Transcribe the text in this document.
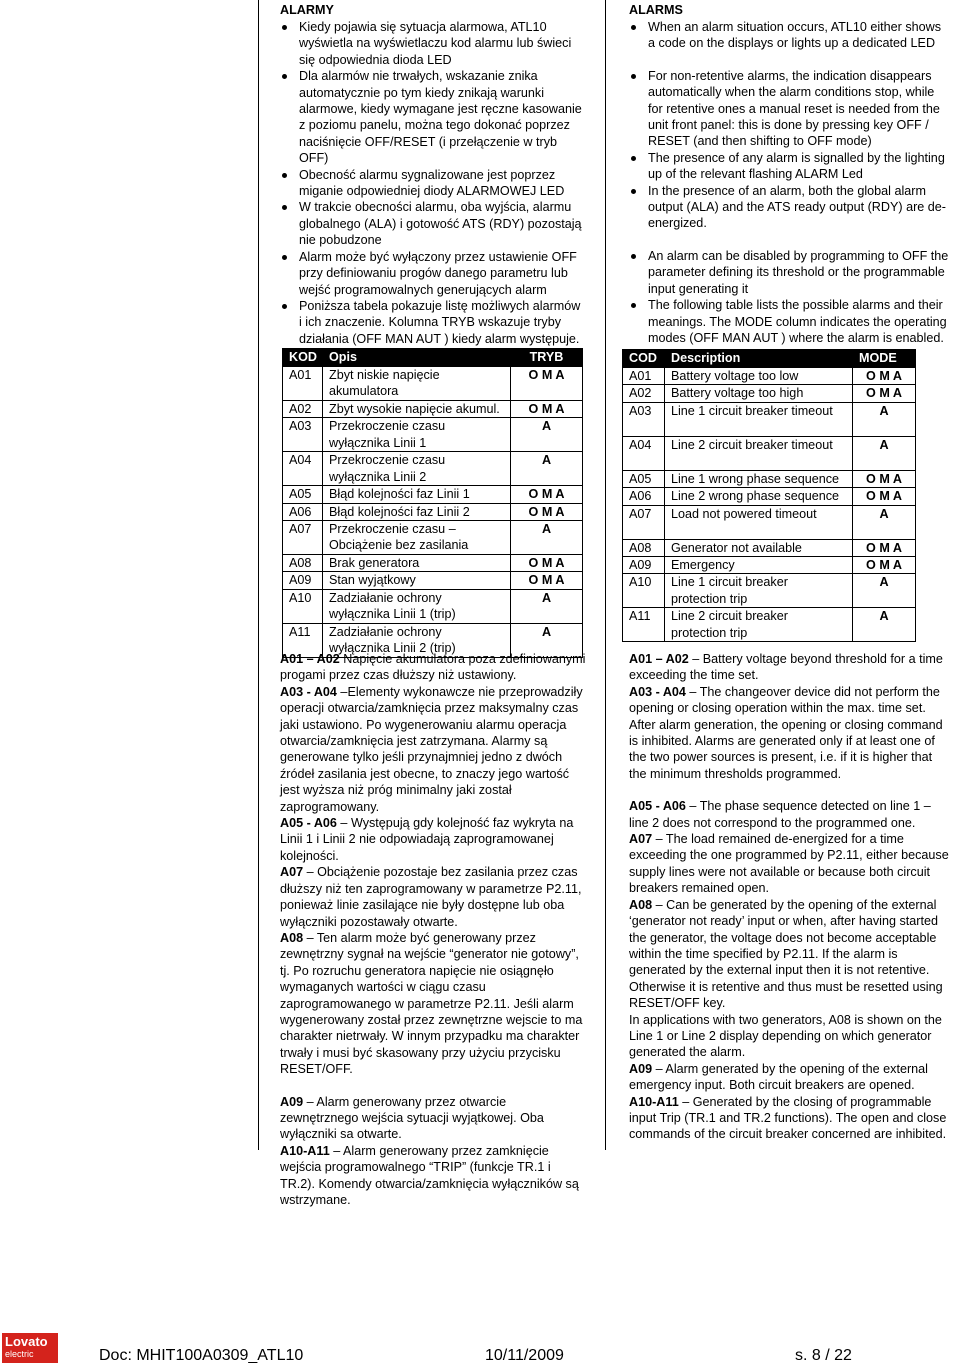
ALARMY
Kiedy pojawia się sytuacja alarmowa, ATL10 wyświetla na wyświetlaczu kod alarmu lub świeci się odpowiednia dioda LED
Dla alarmów nie trwałych, wskazanie znika automatycznie po tym kiedy znikają warunki alarmowe, kiedy wymagane jest ręczne kasowanie z poziomu panelu, można tego dokonać poprzez naciśnięcie OFF/RESET (i przełączenie w tryb OFF)
Obecność alarmu sygnalizowane jest poprzez miganie odpowiedniej diody ALARMOWEJ LED
W trakcie obecności alarmu, oba wyjścia, alarmu globalnego (ALA) i gotowość ATS (RDY) pozostają nie pobudzone
Alarm może być wyłączony przez ustawienie OFF przy definiowaniu progów danego parametru lub wejść programowalnych generujących alarm
Poniższa tabela pokazuje listę możliwych alarmów i ich znaczenie. Kolumna TRYB wskazuje tryby działania (OFF MAN AUT ) kiedy alarm występuje.
KOD	Opis	TRYB
A01	Zbyt niskie napięcie akumulatora	O M A
A02	Zbyt wysokie napięcie akumul.	O M A
A03	Przekroczenie czasu wyłącznika Linii 1	A
A04	Przekroczenie czasu wyłącznika Linii 2	A
A05	Błąd kolejności faz Linii 1	O M A
A06	Błąd kolejności faz Linii 2	O M A
A07	Przekroczenie czasu – Obciążenie bez zasilania	A
A08	Brak generatora	O M A
A09	Stan wyjątkowy	O M A
A10	Zadziałanie ochrony wyłącznika Linii 1 (trip)	A
A11	Zadziałanie ochrony wyłącznika Linii 2 (trip)	A

A01 – A02 Napięcie akumulatora poza zdefiniowanymi progami przez czas dłuższy niż ustawiony.

A03 - A04 –Elementy wykonawcze nie przeprowadziły operacji otwarcia/zamknięcia przez maksymalny czas jaki ustawiono. Po wygenerowaniu alarmu operacja otwarcia/zamknięcia jest zatrzymana. Alarmy są generowane tylko jeśli przynajmniej jedno z dwóch źródeł zasilania jest obecne, to znaczy jego wartość jest wyższa niż próg minimalny jaki został zaprogramowany.

A05 - A06 – Występują gdy kolejność faz wykryta na Linii 1 i Linii 2 nie odpowiadają zaprogramowanej kolejności.

A07 – Obciążenie pozostaje bez zasilania przez czas dłuższy niż ten zaprogramowany w parametrze P2.11, ponieważ linie zasilające nie były dostępne lub oba wyłączniki pozostawały otwarte.

A08 – Ten alarm może być generowany przez zewnętrzny sygnał na wejście “generator nie gotowy”, tj. Po rozruchu generatora napięcie nie osiągnęło wymaganych wartości w ciągu czasu zaprogramowanego w parametrze P2.11. Jeśli alarm wygenerowany został przez zewnętrzne wejscie to ma charakter nietrwały. W innym przypadku ma charakter trwały i musi być skasowany przy użyciu przycisku RESET/OFF.

A09 – Alarm generowany przez otwarcie zewnętrznego wejścia sytuacji wyjątkowej. Oba wyłączniki sa otwarte.

A10-A11 – Alarm generowany przez zamknięcie wejścia programowalnego “TRIP” (funkcje TR.1 i TR.2). Komendy otwarcia/zamknięcia wyłączników są wstrzymane.

ALARMS
When an alarm situation occurs, ATL10 either shows a code on the displays or lights up a dedicated LED
For non-retentive alarms, the indication disappears automatically when the alarm conditions stop, while for retentive ones a manual reset is needed from the unit front panel: this is done by pressing key OFF / RESET (and then shifting to OFF mode)
The presence of any alarm is signalled by the lighting up of the relevant flashing ALARM Led
In the presence of an alarm, both the global alarm output (ALA) and the ATS ready output (RDY) are de-energized.
An alarm can be disabled by programming to OFF the parameter defining its threshold or the programmable input generating it
The following table lists the possible alarms and their meanings. The MODE column indicates the operating modes (OFF MAN AUT ) where the alarm is enabled.
COD	Description	MODE
A01	Battery voltage too low	O M A
A02	Battery voltage too high	O M A
A03	Line 1 circuit breaker timeout	A
A04	Line 2 circuit breaker timeout	A
A05	Line 1 wrong phase sequence	O M A
A06	Line 2 wrong phase sequence	O M A
A07	Load not powered timeout	A
A08	Generator not available	O M A
A09	Emergency	O M A
A10	Line 1 circuit breaker protection trip	A
A11	Line 2 circuit breaker protection trip	A

A01 – A02 – Battery voltage beyond threshold for a time exceeding the time set.

A03 - A04 – The changeover device did not perform the opening or closing operation within the max. time set. After alarm generation, the opening or closing command is inhibited. Alarms are generated only if at least one of the two power sources is present, i.e. if it is higher that the minimum thresholds programmed.

A05 - A06 – The phase sequence detected on line 1 – line 2 does not correspond to the programmed one.

A07 – The load remained de-energized for a time exceeding the one programmed by P2.11, either because supply lines were not available or because both circuit breakers remained open.

A08 – Can be generated by the opening of the external ‘generator not ready’ input or when, after having started the generator, the voltage does not become acceptable within the time specified by P2.11. If the alarm is generated by the external input then it is not retentive. Otherwise it is retentive and thus must be resetted using RESET/OFF key.

In applications with two generators, A08 is shown on the Line 1 or Line 2 display depending on which generator generated the alarm.

A09 – Alarm generated by the opening of the external emergency input. Both circuit breakers are opened.

A10-A11 – Generated by the closing of programmable input Trip (TR.1 and TR.2 functions). The open and close commands of the circuit breaker concerned are inhibited.

Lovato
electric	Doc: MHIT100A0309_ATL10	10/11/2009	s. 8 / 22
